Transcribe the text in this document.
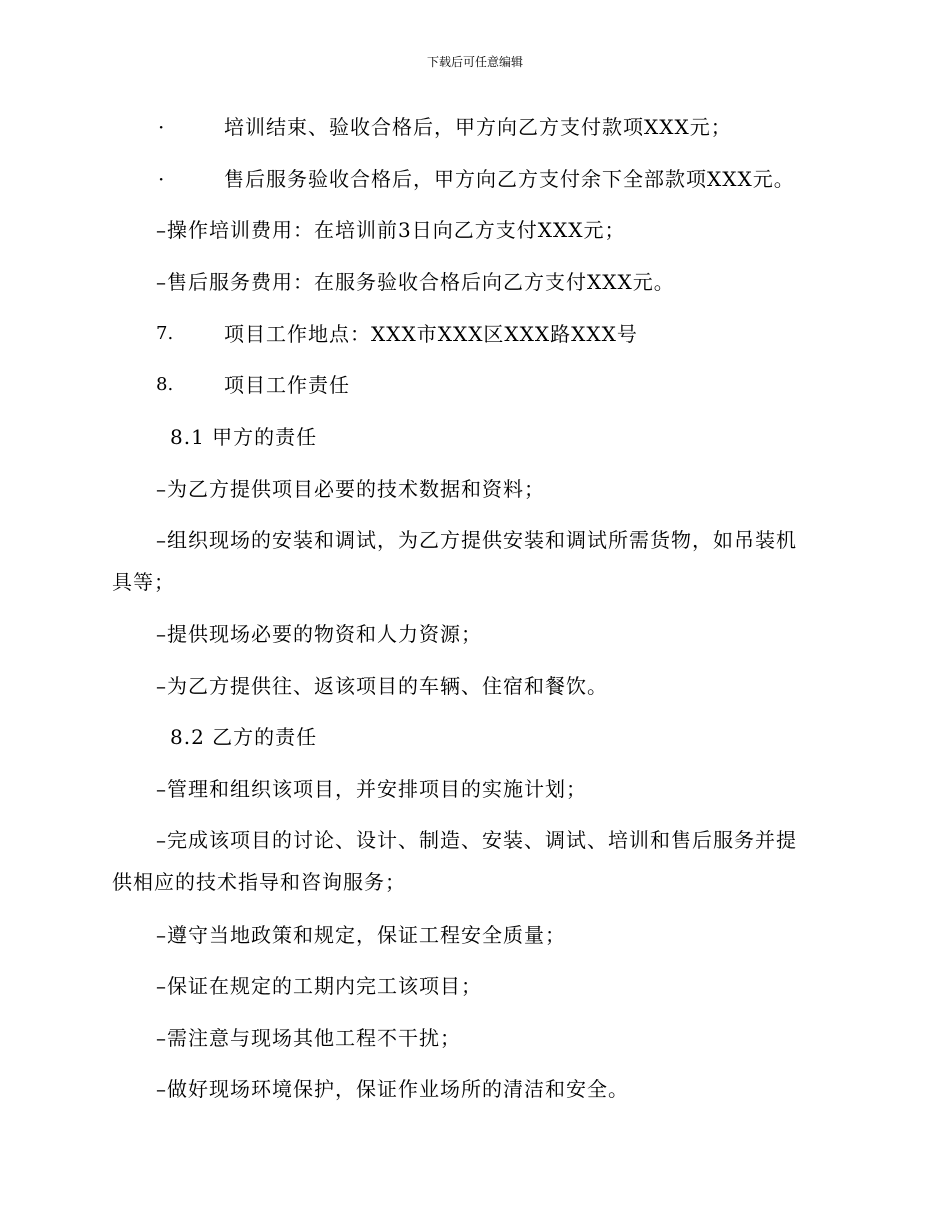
下载后可任意编辑
·	培训结束、验收合格后，甲方向乙方支付款项XXX元；
·	售后服务验收合格后，甲方向乙方支付余下全部款项XXX元。
–操作培训费用：在培训前3日向乙方支付XXX元；
–售后服务费用：在服务验收合格后向乙方支付XXX元。
7.	项目工作地点：XXX市XXX区XXX路XXX号
8.	项目工作责任
8.1 甲方的责任
–为乙方提供项目必要的技术数据和资料；
–组织现场的安装和调试，为乙方提供安装和调试所需货物，如吊装机
具等；
–提供现场必要的物资和人力资源；
–为乙方提供往、返该项目的车辆、住宿和餐饮。
8.2 乙方的责任
–管理和组织该项目，并安排项目的实施计划；
–完成该项目的讨论、设计、制造、安装、调试、培训和售后服务并提
供相应的技术指导和咨询服务；
–遵守当地政策和规定，保证工程安全质量；
–保证在规定的工期内完工该项目；
–需注意与现场其他工程不干扰；
–做好现场环境保护，保证作业场所的清洁和安全。
